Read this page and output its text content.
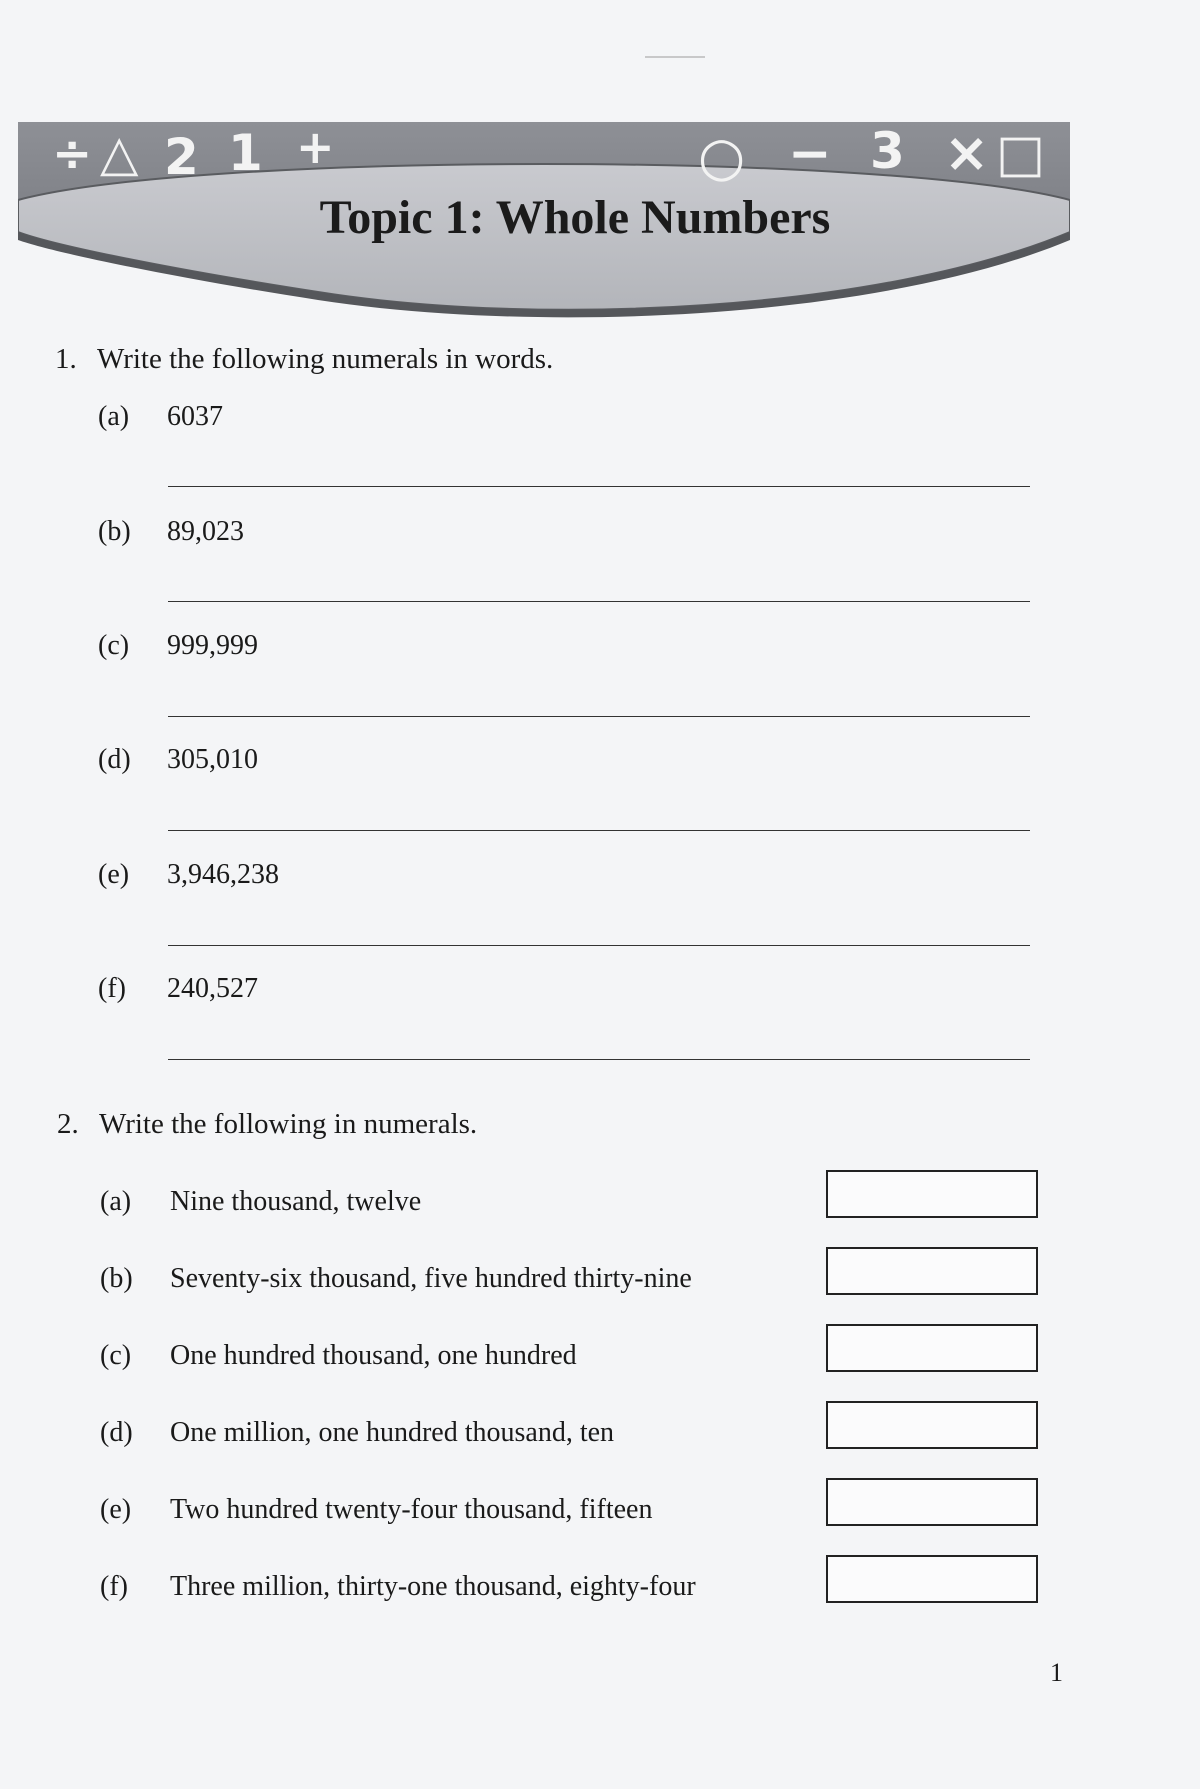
÷ △ 2 1 +	○ − 3 × □
Topic 1: Whole Numbers
1. Write the following numerals in words.
(a) 6037
(b) 89,023
(c) 999,999
(d) 305,010
(e) 3,946,238
(f) 240,527
2. Write the following in numerals.
(a) Nine thousand, twelve
(b) Seventy-six thousand, five hundred thirty-nine
(c) One hundred thousand, one hundred
(d) One million, one hundred thousand, ten
(e) Two hundred twenty-four thousand, fifteen
(f) Three million, thirty-one thousand, eighty-four
1
